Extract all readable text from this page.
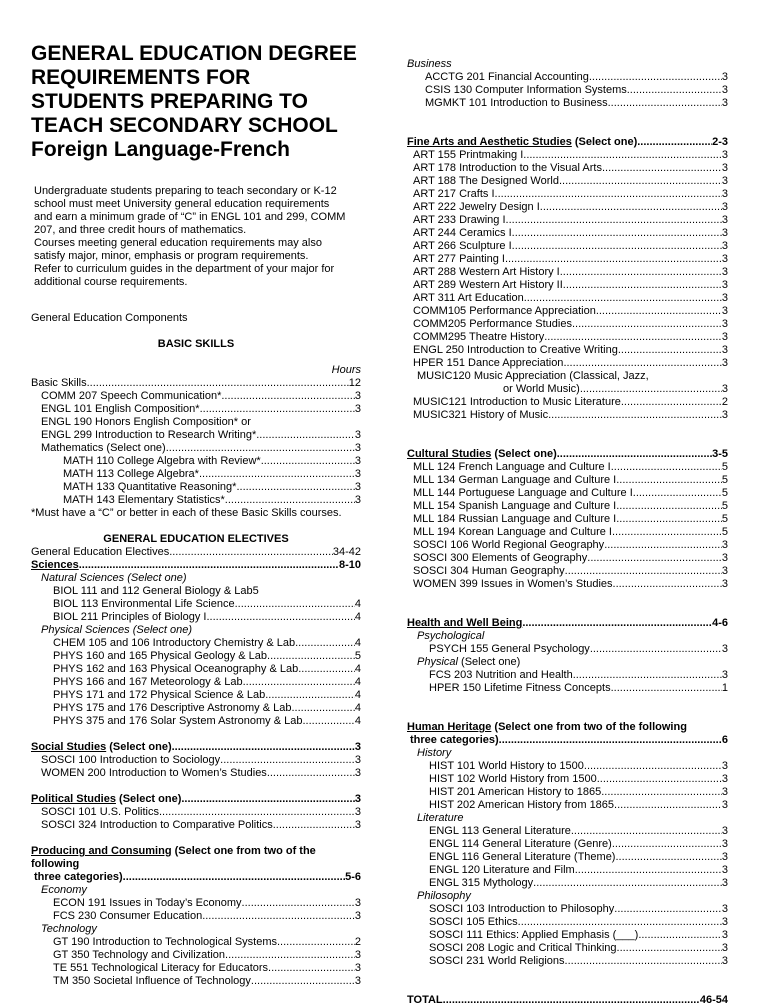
GENERAL EDUCATION DEGREE
REQUIREMENTS FOR
STUDENTS PREPARING TO
TEACH SECONDARY SCHOOL
Foreign Language-French

Undergraduate students preparing to teach secondary or K-12

school must meet University general education requirements

and earn a minimum grade of “C” in ENGL 101 and 299, COMM

207, and three credit hours of mathematics.

Courses meeting general education requirements may also

satisfy major, minor, emphasis or program requirements.

Refer to curriculum guides in the department of your major for

additional course requirements.

General Education Components
BASIC SKILLS
Hours
Basic Skills .....	12
COMM 207 Speech Communication* .....	3
ENGL 101 English Composition* .....	3
ENGL 190 Honors English Composition* or
ENGL 299 Introduction to Research Writing* .....	3
Mathematics (Select one) .....	3
MATH 110 College Algebra with Review* .....	3
MATH 113 College Algebra* .....	3
MATH 133 Quantitative Reasoning* .....	3
MATH 143 Elementary Statistics* .....	3
*Must have a “C” or better in each of these Basic Skills courses.
GENERAL EDUCATION ELECTIVES
General Education Electives .....	34-42
Sciences .....	8-10
Natural Sciences (Select one)
BIOL 111 and 112 General Biology & Lab5
BIOL 113 Environmental Life Science .....	4
BIOL 211 Principles of Biology I .....	4
Physical Sciences (Select one)
CHEM 105 and 106 Introductory Chemistry & Lab .....	4
PHYS 160 and 165 Physical Geology & Lab .....	5
PHYS 162 and 163 Physical Oceanography & Lab .....	4
PHYS 166 and 167 Meteorology & Lab .....	4
PHYS 171 and 172 Physical Science & Lab .....	4
PHYS 175 and 176 Descriptive Astronomy & Lab .....	4
PHYS 375 and 176 Solar System Astronomy & Lab .....	4
Social Studies (Select one) .....	3
SOSCI 100 Introduction to Sociology .....	3
WOMEN 200 Introduction to Women’s Studies .....	3
Political Studies (Select one) .....	3
SOSCI 101 U.S. Politics .....	3
SOSCI 324 Introduction to Comparative Politics .....	3
Producing and Consuming (Select one from two of the
following
three categories) .....	5-6
Economy
ECON 191 Issues in Today’s Economy .....	3
FCS 230 Consumer Education .....	3
Technology
GT 190 Introduction to Technological Systems .....	2
GT 350 Technology and Civilization .....	3
TE 551 Technological Literacy for Educators .....	3
TM 350 Societal Influence of Technology .....	3
Business
ACCTG 201 Financial Accounting .....	3
CSIS 130 Computer Information Systems .....	3
MGMKT 101 Introduction to Business .....	3
Fine Arts and Aesthetic Studies (Select one) .....	2-3
ART 155 Printmaking I .....	3
ART 178 Introduction to the Visual Arts .....	3
ART 188 The Designed World .....	3
ART 217 Crafts I .....	3
ART 222 Jewelry Design I .....	3
ART 233 Drawing I .....	3
ART 244 Ceramics I .....	3
ART 266 Sculpture I .....	3
ART 277 Painting I .....	3
ART 288 Western Art History I .....	3
ART 289 Western Art History II .....	3
ART 311 Art Education .....	3
COMM105 Performance Appreciation .....	3
COMM205 Performance Studies .....	3
COMM295 Theatre History .....	3
ENGL 250 Introduction to Creative Writing .....	3
HPER 151 Dance Appreciation .....	3
MUSIC120 Music Appreciation (Classical, Jazz,
or World Music) .....	3
MUSIC121 Introduction to Music Literature .....	2
MUSIC321 History of Music .....	3
Cultural Studies (Select one) .....	3-5
MLL 124 French Language and Culture I .....	5
MLL 134 German Language and Culture I .....	5
MLL 144 Portuguese Language and Culture I .....	5
MLL 154 Spanish Language and Culture I .....	5
MLL 184 Russian Language and Culture I .....	5
MLL 194 Korean Language and Culture I .....	5
SOSCI 106 World Regional Geography .....	3
SOSCI 300 Elements of Geography .....	3
SOSCI 304 Human Geography .....	3
WOMEN 399 Issues in Women’s Studies .....	3
Health and Well Being .....	4-6
Psychological
PSYCH 155 General Psychology .....	3
Physical (Select one)
FCS 203 Nutrition and Health .....	3
HPER 150 Lifetime Fitness Concepts .....	1
Human Heritage (Select one from two of the following
three categories) .....	6
History
HIST 101 World History to 1500 .....	3
HIST 102 World History from 1500 .....	3
HIST 201 American History to 1865 .....	3
HIST 202 American History from 1865 .....	3
Literature
ENGL 113 General Literature .....	3
ENGL 114 General Literature (Genre) .....	3
ENGL 116 General Literature (Theme) .....	3
ENGL 120 Literature and Film .....	3
ENGL 315 Mythology .....	3
Philosophy
SOSCI 103 Introduction to Philosophy .....	3
SOSCI 105 Ethics .....	3
SOSCI 111 Ethics: Applied Emphasis (___) .....	3
SOSCI 208 Logic and Critical Thinking .....	3
SOSCI 231 World Religions .....	3
TOTAL .....	46-54
